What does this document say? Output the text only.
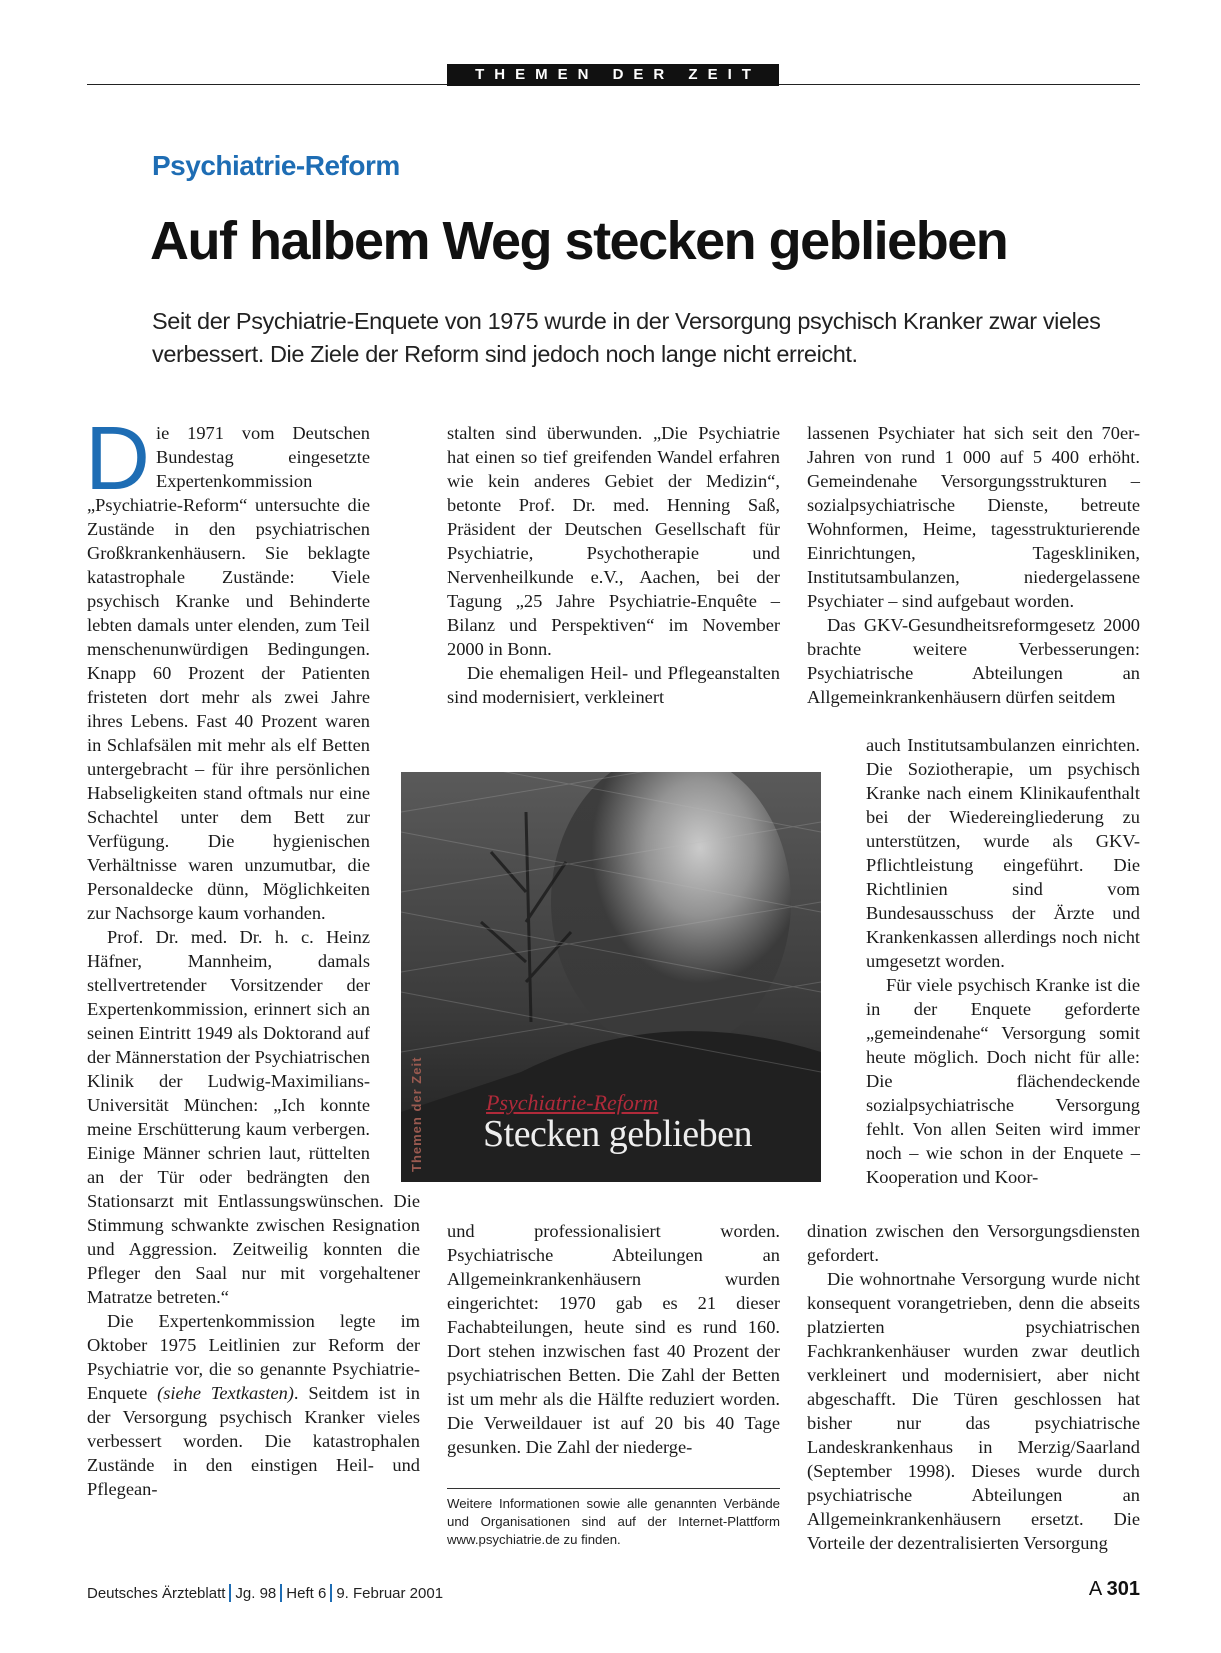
THEMEN DER ZEIT
Psychiatrie-Reform
Auf halbem Weg stecken geblieben

Seit der Psychiatrie-Enquete von 1975 wurde in der Versorgung psychisch Kranker zwar vieles verbessert. Die Ziele der Reform sind jedoch noch lange nicht erreicht.

Die 1971 vom Deutschen Bundestag eingesetzte Expertenkommission „Psychiatrie-Reform“ untersuchte die Zustände in den psychiatrischen Großkrankenhäusern. Sie beklagte katastrophale Zustände: Viele psychisch Kranke und Behinderte lebten damals unter elenden, zum Teil menschenunwürdigen Bedingungen. Knapp 60 Prozent der Patienten fristeten dort mehr als zwei Jahre ihres Lebens. Fast 40 Prozent waren in Schlafsälen mit mehr als elf Betten untergebracht – für ihre persönlichen Habseligkeiten stand oftmals nur eine Schachtel unter dem Bett zur Verfügung. Die hygienischen Verhältnisse waren unzumutbar, die Personaldecke dünn, Möglichkeiten zur Nachsorge kaum vorhanden.

Prof. Dr. med. Dr. h. c. Heinz Häfner, Mannheim, damals stellvertretender Vorsitzender der Expertenkommission, erinnert sich an seinen Eintritt 1949 als Doktorand auf der Männerstation der Psychiatrischen Klinik der Ludwig-Maximilians-Universität München: „Ich konnte meine Erschütterung kaum verbergen. Einige Männer schrien laut, rüttelten an der Tür oder bedrängten den Stationsarzt mit Entlassungswünschen. Die Stimmung schwankte zwischen Resignation und Aggression. Zeitweilig konnten die Pfleger den Saal nur mit vorgehaltener Matratze betreten.“

Die Expertenkommission legte im Oktober 1975 Leitlinien zur Reform der Psychiatrie vor, die so genannte Psychiatrie-Enquete (siehe Textkasten). Seitdem ist in der Versorgung psychisch Kranker vieles verbessert worden. Die katastrophalen Zustände in den einstigen Heil- und Pflegean-

stalten sind überwunden. „Die Psychiatrie hat einen so tief greifenden Wandel erfahren wie kein anderes Gebiet der Medizin“, betonte Prof. Dr. med. Henning Saß, Präsident der Deutschen Gesellschaft für Psychiatrie, Psychotherapie und Nervenheilkunde e.V., Aachen, bei der Tagung „25 Jahre Psychiatrie-Enquête – Bilanz und Perspektiven“ im November 2000 in Bonn.

Die ehemaligen Heil- und Pflegeanstalten sind modernisiert, verkleinert

und professionalisiert worden. Psychiatrische Abteilungen an Allgemeinkrankenhäusern wurden eingerichtet: 1970 gab es 21 dieser Fachabteilungen, heute sind es rund 160. Dort stehen inzwischen fast 40 Prozent der psychiatrischen Betten. Die Zahl der Betten ist um mehr als die Hälfte reduziert worden. Die Verweildauer ist auf 20 bis 40 Tage gesunken. Die Zahl der niederge-

lassenen Psychiater hat sich seit den 70er-Jahren von rund 1 000 auf 5 400 erhöht. Gemeindenahe Versorgungsstrukturen – sozialpsychiatrische Dienste, betreute Wohnformen, Heime, tagesstrukturierende Einrichtungen, Tageskliniken, Institutsambulanzen, niedergelassene Psychiater – sind aufgebaut worden.

Das GKV-Gesundheitsreformgesetz 2000 brachte weitere Verbesserungen: Psychiatrische Abteilungen an Allgemeinkrankenhäusern dürfen seitdem

auch Institutsambulanzen einrichten. Die Soziotherapie, um psychisch Kranke nach einem Klinikaufenthalt bei der Wiedereingliederung zu unterstützen, wurde als GKV-Pflichtleistung eingeführt. Die Richtlinien sind vom Bundesausschuss der Ärzte und Krankenkassen allerdings noch nicht umgesetzt worden.

Für viele psychisch Kranke ist die in der Enquete geforderte „gemeindenahe“ Versorgung somit heute möglich. Doch nicht für alle: Die flächendeckende sozialpsychiatrische Versorgung fehlt. Von allen Seiten wird immer noch – wie schon in der Enquete – Kooperation und Koor-

dination zwischen den Versorgungsdiensten gefordert.

Die wohnortnahe Versorgung wurde nicht konsequent vorangetrieben, denn die abseits platzierten psychiatrischen Fachkrankenhäuser wurden zwar deutlich verkleinert und modernisiert, aber nicht abgeschafft. Die Türen geschlossen hat bisher nur das psychiatrische Landeskrankenhaus in Merzig/Saarland (September 1998). Dieses wurde durch psychiatrische Abteilungen an Allgemeinkrankenhäusern ersetzt. Die Vorteile der dezentralisierten Versorgung

Themen der Zeit	Psychiatrie-Reform
Stecken geblieben

Weitere Informationen sowie alle genannten Verbände und Organisationen sind auf der Internet-Plattform www.psychiatrie.de zu finden.

Deutsches Ärzteblatt Jg. 98 Heft 6 9. Februar 2001	A 301
